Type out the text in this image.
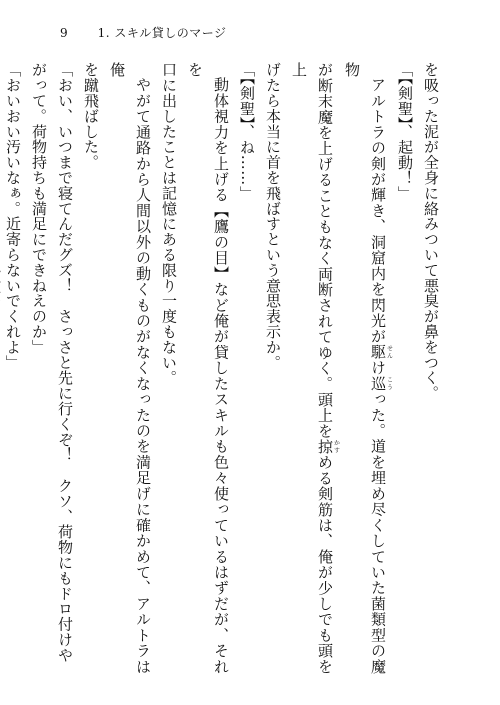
9	1. スキル貸しのマージ

を吸った泥が全身に絡みついて悪臭が鼻をつく。

「【剣聖】、起動！」

アルトラの剣が輝き、洞窟内を閃光が駆せんけ巡こうった。道を埋め尽くしていた菌類型の魔物

が断末魔を上げることもなく両断されてゆく。頭上を掠かすめる剣筋は、俺が少しでも頭を上

げたら本当に首を飛ばすという意思表示か。

「【剣聖】、ね……」

動体視力を上げる【鷹の目】など俺が貸したスキルも色々使っているはずだが、それを

口に出したことは記憶にある限り一度もない。

やがて通路から人間以外の動くものがなくなったのを満足げに確かめて、アルトラは俺

を蹴飛ばした。

「おい、いつまで寝てんだグズ！　さっさと先に行くぞ！　クソ、荷物にもドロ付けや

がって。荷物持ちも満足にできねえのか」

「おいおい汚いなぁ。近寄らないでくれよ」
